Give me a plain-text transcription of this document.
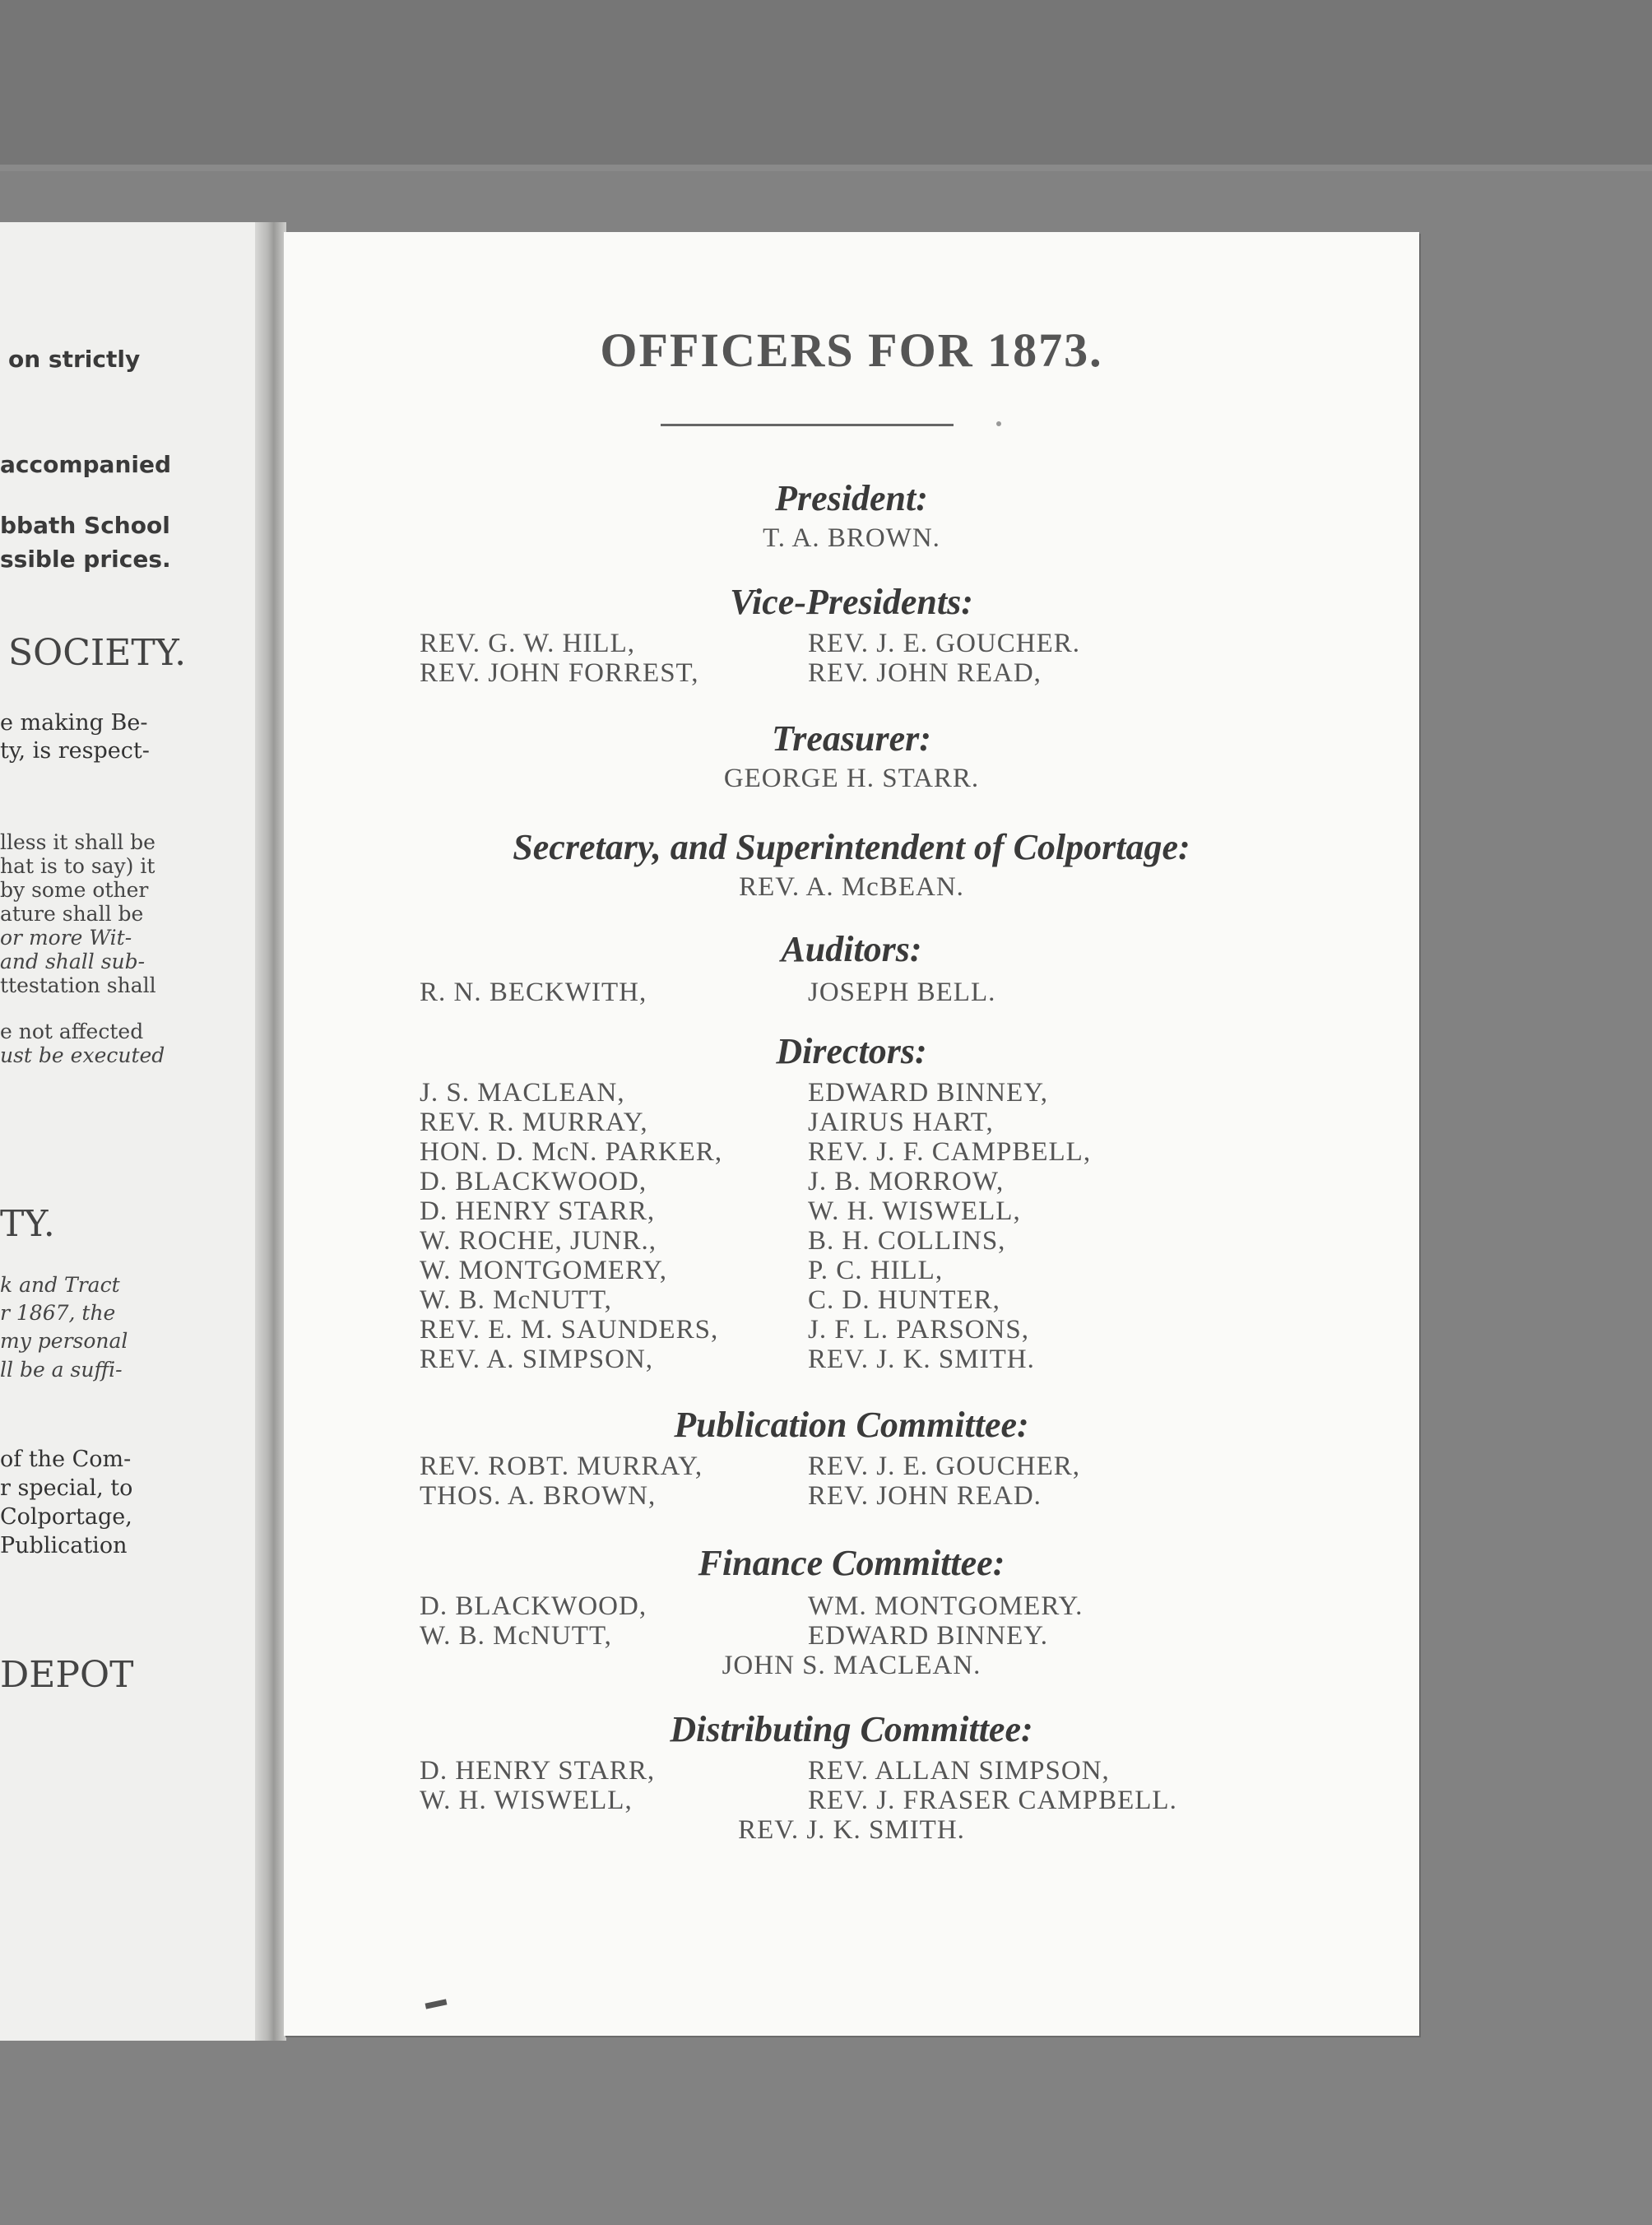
on strictly
accompanied
bbath School
ssible prices.
SOCIETY.
e making Be-
ty, is respect-
lless it shall be
hat is to say) it
by some other
ature shall be
or more Wit-
and shall sub-
ttestation shall
e not affected
ust be executed
TY.
k and Tract
r 1867, the
my personal
ll be a suffi-
of the Com-
r special, to
Colportage,
Publication
DEPOT
OFFICERS FOR 1873.
President:
T. A. BROWN.
Vice-Presidents:
REV. G. W. HILL,	REV. J. E. GOUCHER.
REV. JOHN FORREST,	REV. JOHN READ,
Treasurer:
GEORGE H. STARR.
Secretary, and Superintendent of Colportage:
REV. A. McBEAN.
Auditors:
R. N. BECKWITH,	JOSEPH BELL.
Directors:
J. S. MACLEAN,	EDWARD BINNEY,
REV. R. MURRAY,	JAIRUS HART,
HON. D. McN. PARKER,	REV. J. F. CAMPBELL,
D. BLACKWOOD,	J. B. MORROW,
D. HENRY STARR,	W. H. WISWELL,
W. ROCHE, JUNR.,	B. H. COLLINS,
W. MONTGOMERY,	P. C. HILL,
W. B. McNUTT,	C. D. HUNTER,
REV. E. M. SAUNDERS,	J. F. L. PARSONS,
REV. A. SIMPSON,	REV. J. K. SMITH.
Publication Committee:
REV. ROBT. MURRAY,	REV. J. E. GOUCHER,
THOS. A. BROWN,	REV. JOHN READ.
Finance Committee:
D. BLACKWOOD,	WM. MONTGOMERY.
W. B. McNUTT,	EDWARD BINNEY.
JOHN S. MACLEAN.
Distributing Committee:
D. HENRY STARR,	REV. ALLAN SIMPSON,
W. H. WISWELL,	REV. J. FRASER CAMPBELL.
REV. J. K. SMITH.
